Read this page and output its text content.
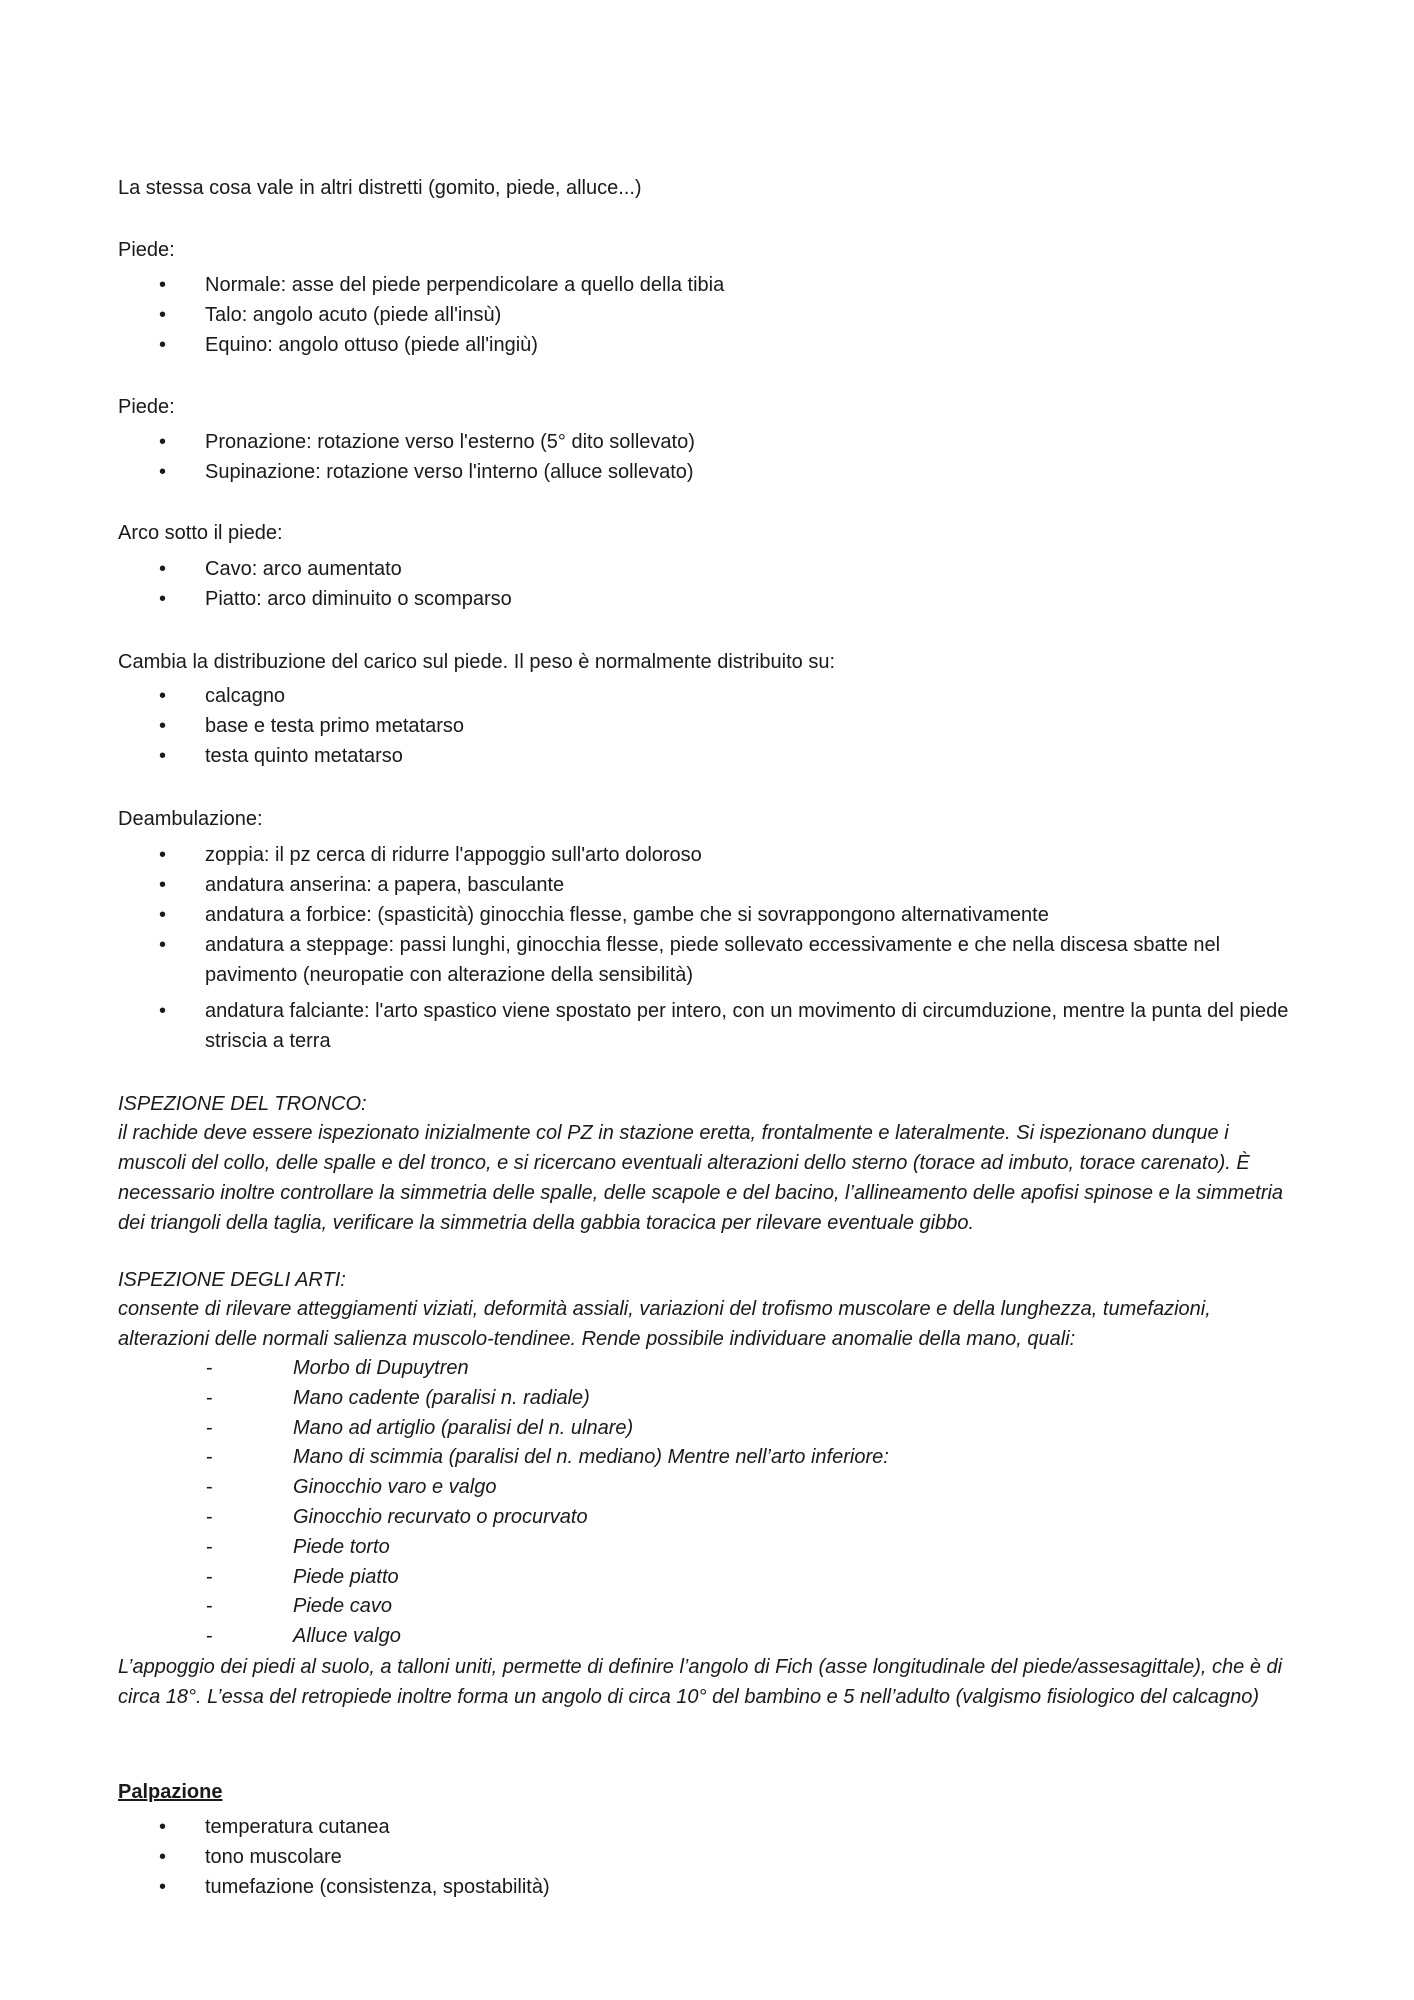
La stessa cosa vale in altri distretti (gomito, piede, alluce...)

Piede:

• Normale: asse del piede perpendicolare a quello della tibia
• Talo: angolo acuto (piede all'insù)
• Equino: angolo ottuso (piede all'ingiù)

Piede:

• Pronazione: rotazione verso l'esterno (5° dito sollevato)
• Supinazione: rotazione verso l'interno (alluce sollevato)

Arco sotto il piede:

• Cavo: arco aumentato
• Piatto: arco diminuito o scomparso

Cambia la distribuzione del carico sul piede. Il peso è normalmente distribuito su:

• calcagno
• base e testa primo metatarso
• testa quinto metatarso

Deambulazione:

• zoppia: il pz cerca di ridurre l'appoggio sull'arto doloroso
• andatura anserina: a papera, basculante
• andatura a forbice: (spasticità) ginocchia flesse, gambe che si sovrappongono alternativamente
• andatura a steppage: passi lunghi, ginocchia flesse, piede sollevato eccessivamente e che nella discesa sbatte nel pavimento (neuropatie con alterazione della sensibilità)
• andatura falciante: l'arto spastico viene spostato per intero, con un movimento di circumduzione, mentre la punta del piede striscia a terra

ISPEZIONE DEL TRONCO:

il rachide deve essere ispezionato inizialmente col PZ in stazione eretta, frontalmente e lateralmente. Si ispezionano dunque i muscoli del collo, delle spalle e del tronco, e si ricercano eventuali alterazioni dello sterno (torace ad imbuto, torace carenato). È necessario inoltre controllare la simmetria delle spalle, delle scapole e del bacino, l’allineamento delle apofisi spinose e la simmetria dei triangoli della taglia, verificare la simmetria della gabbia toracica per rilevare eventuale gibbo.

ISPEZIONE DEGLI ARTI:

consente di rilevare atteggiamenti viziati, deformità assiali, variazioni del trofismo muscolare e della lunghezza, tumefazioni, alterazioni delle normali salienza muscolo-tendinee. Rende possibile individuare anomalie della mano, quali:

-	Morbo di Dupuytren
-	Mano cadente (paralisi n. radiale)
-	Mano ad artiglio (paralisi del n. ulnare)
-	Mano di scimmia (paralisi del n. mediano) Mentre nell’arto inferiore:
-	Ginocchio varo e valgo
-	Ginocchio recurvato o procurvato
-	Piede torto
-	Piede piatto
-	Piede cavo
-	Alluce valgo

L’appoggio dei piedi al suolo, a talloni uniti, permette di definire l’angolo di Fich (asse longitudinale del piede/assesagittale), che è di circa 18°. L’essa del retropiede inoltre forma un angolo di circa 10° del bambino e 5 nell’adulto (valgismo fisiologico del calcagno)

Palpazione

• temperatura cutanea
• tono muscolare
• tumefazione (consistenza, spostabilità)
